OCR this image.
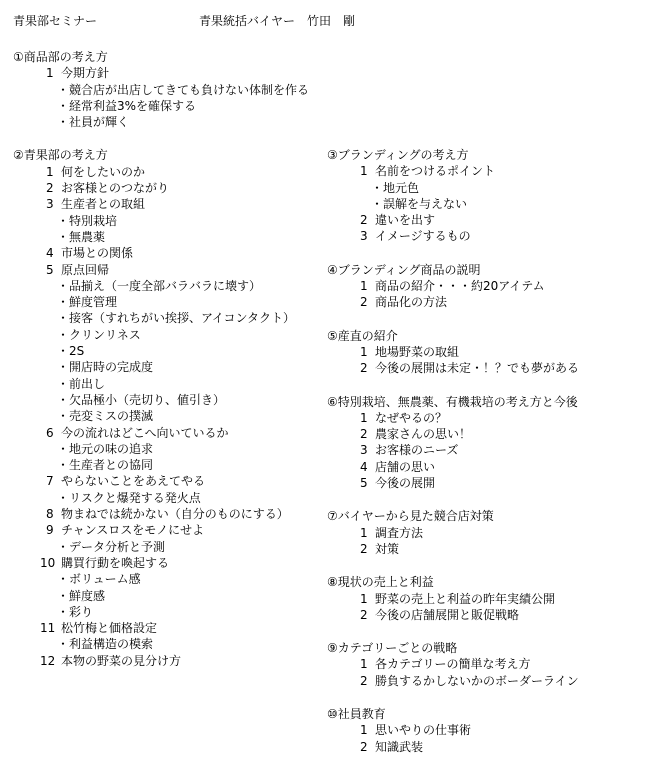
青果部セミナー	青果統括バイヤー　竹田　剛
①商品部の考え方
1 今期方針
・競合店が出店してきても負けない体制を作る
・経常利益3%を確保する
・社員が輝く
②青果部の考え方
1 何をしたいのか
2 お客様とのつながり
3 生産者との取組
・特別栽培
・無農薬
4 市場との関係
5 原点回帰
・品揃え（一度全部バラバラに壊す）
・鮮度管理
・接客（すれちがい挨拶、アイコンタクト）
・クリンリネス
・2S
・開店時の完成度
・前出し
・欠品極小（売切り、値引き）
・売変ミスの撲滅
6 今の流れはどこへ向いているか
・地元の味の追求
・生産者との協同
7 やらないことをあえてやる
・リスクと爆発する発火点
8 物まねでは続かない（自分のものにする）
9 チャンスロスをモノにせよ
・データ分析と予測
10 購買行動を喚起する
・ボリューム感
・鮮度感
・彩り
11 松竹梅と価格設定
・利益構造の模索
12 本物の野菜の見分け方
③ブランディングの考え方
1 名前をつけるポイント
・地元色
・誤解を与えない
2 違いを出す
3 イメージするもの
④ブランディング商品の説明
1 商品の紹介・・・約20アイテム
2 商品化の方法
⑤産直の紹介
1 地場野菜の取組
2 今後の展開は未定・！？でも夢がある
⑥特別栽培、無農薬、有機栽培の考え方と今後
1 なぜやるの？
2 農家さんの思い！
3 お客様のニーズ
4 店舗の思い
5 今後の展開
⑦バイヤーから見た競合店対策
1 調査方法
2 対策
⑧現状の売上と利益
1 野菜の売上と利益の昨年実績公開
2 今後の店舗展開と販促戦略
⑨カテゴリーごとの戦略
1 各カテゴリーの簡単な考え方
2 勝負するかしないかのボーダーライン
⑩社員教育
1 思いやりの仕事術
2 知識武装
